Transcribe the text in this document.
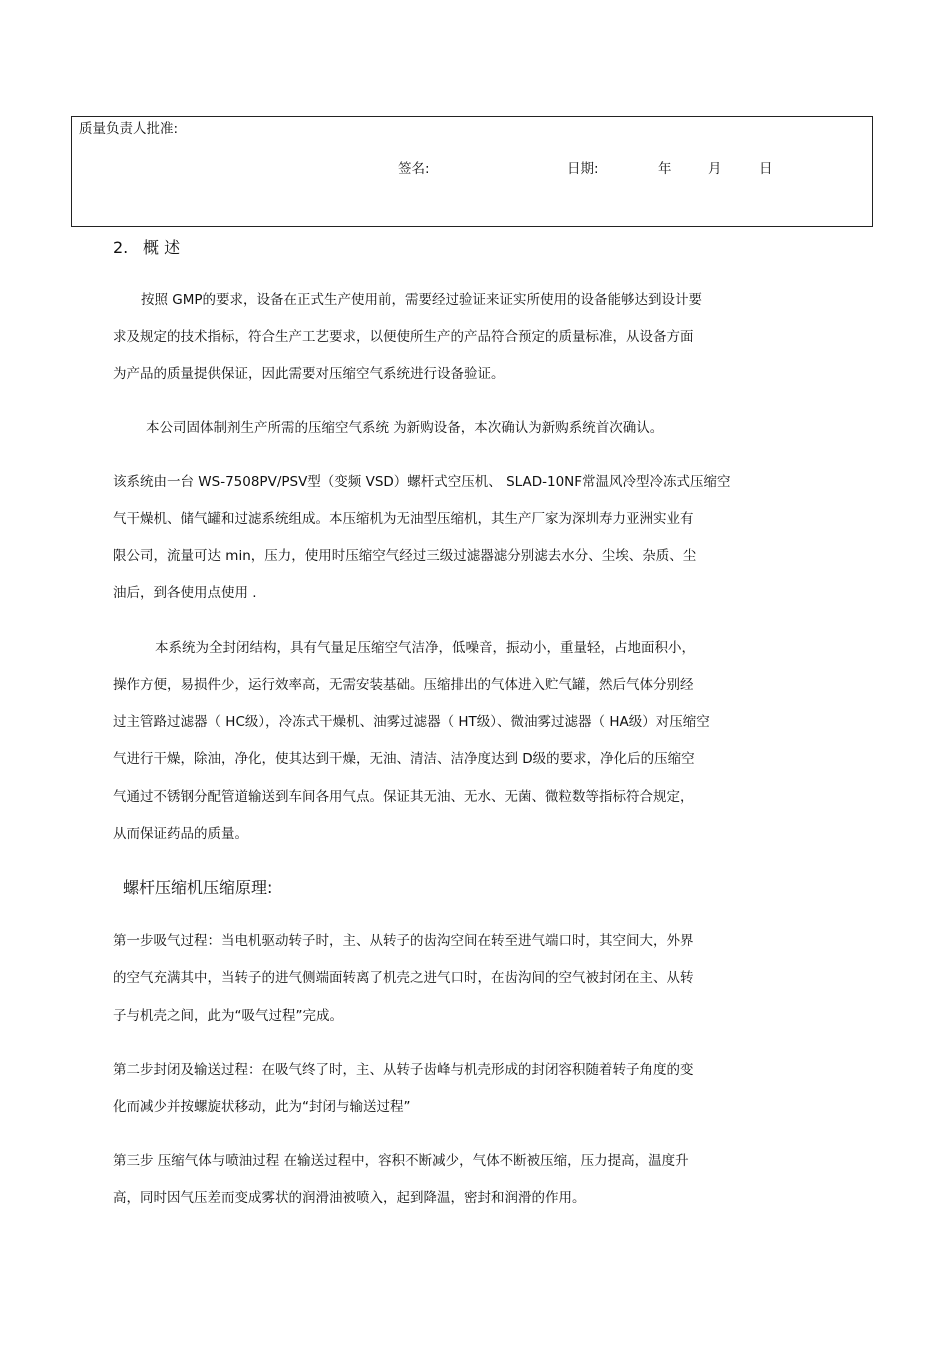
质量负责人批准:
签名:	日期:	年	月	日
2. 概 述
按照 GMP的要求，设备在正式生产使用前，需要经过验证来证实所使用的设备能够达到设计要
求及规定的技术指标，符合生产工艺要求，以便使所生产的产品符合预定的质量标准，从设备方面
为产品的质量提供保证，因此需要对压缩空气系统进行设备验证。
本公司固体制剂生产所需的压缩空气系统 为新购设备，本次确认为新购系统首次确认。
该系统由一台 WS-7508PV/PSV型（变频 VSD）螺杆式空压机、 SLAD-10NF常温风冷型冷冻式压缩空
气干燥机、储气罐和过滤系统组成。本压缩机为无油型压缩机，其生产厂家为深圳寿力亚洲实业有
限公司，流量可达 min，压力，使用时压缩空气经过三级过滤器滤分别滤去水分、尘埃、杂质、尘
油后，到各使用点使用 .
本系统为全封闭结构，具有气量足压缩空气洁净，低噪音，振动小，重量轻，占地面积小，
操作方便，易损件少，运行效率高，无需安装基础。压缩排出的气体进入贮气罐，然后气体分别经
过主管路过滤器（ HC级），冷冻式干燥机、油雾过滤器（ HT级）、微油雾过滤器（ HA级）对压缩空
气进行干燥，除油，净化，使其达到干燥，无油、清洁、洁净度达到 D级的要求，净化后的压缩空
气通过不锈钢分配管道输送到车间各用气点。保证其无油、无水、无菌、微粒数等指标符合规定，
从而保证药品的质量。
螺杆压缩机压缩原理:
第一步吸气过程：当电机驱动转子时，主、从转子的齿沟空间在转至进气端口时，其空间大，外界
的空气充满其中，当转子的进气侧端面转离了机壳之进气口时，在齿沟间的空气被封闭在主、从转
子与机壳之间，此为“吸气过程”完成。
第二步封闭及输送过程：在吸气终了时，主、从转子齿峰与机壳形成的封闭容积随着转子角度的变
化而减少并按螺旋状移动，此为“封闭与输送过程”
第三步 压缩气体与喷油过程 在输送过程中，容积不断减少，气体不断被压缩，压力提高，温度升
高，同时因气压差而变成雾状的润滑油被喷入，起到降温，密封和润滑的作用。
